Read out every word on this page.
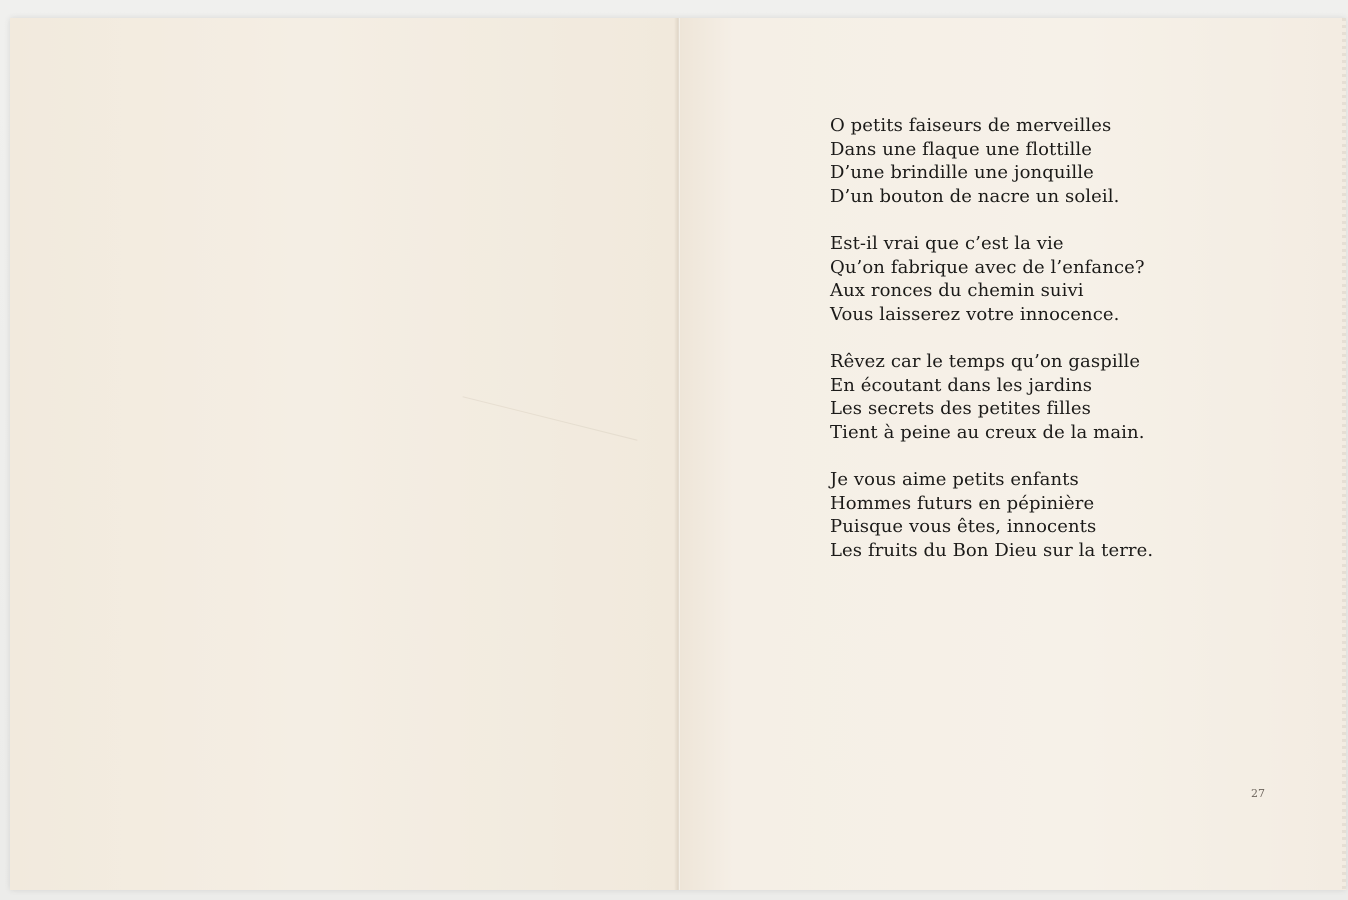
O petits faiseurs de merveilles
Dans une flaque une flottille
D’une brindille une jonquille
D’un bouton de nacre un soleil.
Est-il vrai que c’est la vie
Qu’on fabrique avec de l’enfance?
Aux ronces du chemin suivi
Vous laisserez votre innocence.
Rêvez car le temps qu’on gaspille
En écoutant dans les jardins
Les secrets des petites filles
Tient à peine au creux de la main.
Je vous aime petits enfants
Hommes futurs en pépinière
Puisque vous êtes, innocents
Les fruits du Bon Dieu sur la terre.
27
